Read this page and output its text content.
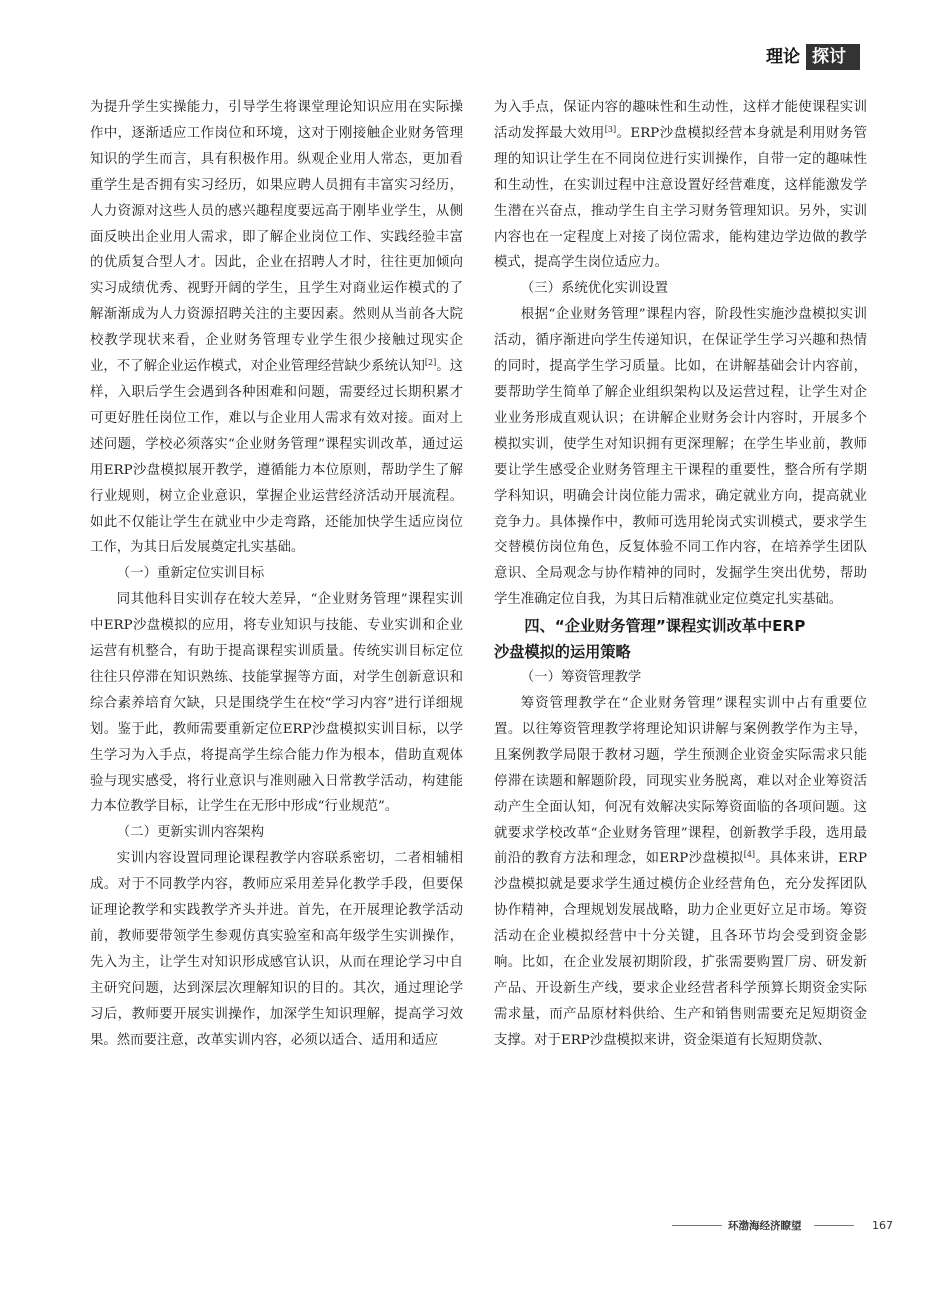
理论 探讨

为提升学生实操能力，引导学生将课堂理论知识应用在实际操作中，逐渐适应工作岗位和环境，这对于刚接触企业财务管理知识的学生而言，具有积极作用。纵观企业用人常态，更加看重学生是否拥有实习经历，如果应聘人员拥有丰富实习经历，人力资源对这些人员的感兴趣程度要远高于刚毕业学生，从侧面反映出企业用人需求，即了解企业岗位工作、实践经验丰富的优质复合型人才。因此，企业在招聘人才时，往往更加倾向实习成绩优秀、视野开阔的学生，且学生对商业运作模式的了解渐渐成为人力资源招聘关注的主要因素。然则从当前各大院校教学现状来看，企业财务管理专业学生很少接触过现实企业，不了解企业运作模式，对企业管理经营缺少系统认知[2]。这样，入职后学生会遇到各种困难和问题，需要经过长期积累才可更好胜任岗位工作，难以与企业用人需求有效对接。面对上述问题，学校必须落实“企业财务管理”课程实训改革，通过运用ERP沙盘模拟展开教学，遵循能力本位原则，帮助学生了解行业规则，树立企业意识，掌握企业运营经济活动开展流程。如此不仅能让学生在就业中少走弯路，还能加快学生适应岗位工作，为其日后发展奠定扎实基础。

（一）重新定位实训目标

同其他科目实训存在较大差异，“企业财务管理”课程实训中ERP沙盘模拟的应用，将专业知识与技能、专业实训和企业运营有机整合，有助于提高课程实训质量。传统实训目标定位往往只停滞在知识熟练、技能掌握等方面，对学生创新意识和综合素养培育欠缺，只是围绕学生在校“学习内容”进行详细规划。鉴于此，教师需要重新定位ERP沙盘模拟实训目标，以学生学习为入手点，将提高学生综合能力作为根本，借助直观体验与现实感受，将行业意识与准则融入日常教学活动，构建能力本位教学目标，让学生在无形中形成“行业规范”。

（二）更新实训内容架构

实训内容设置同理论课程教学内容联系密切，二者相辅相成。对于不同教学内容，教师应采用差异化教学手段，但要保证理论教学和实践教学齐头并进。首先，在开展理论教学活动前，教师要带领学生参观仿真实验室和高年级学生实训操作，先入为主，让学生对知识形成感官认识，从而在理论学习中自主研究问题，达到深层次理解知识的目的。其次，通过理论学习后，教师要开展实训操作，加深学生知识理解，提高学习效果。然而要注意，改革实训内容，必须以适合、适用和适应

为入手点，保证内容的趣味性和生动性，这样才能使课程实训活动发挥最大效用[3]。ERP沙盘模拟经营本身就是利用财务管理的知识让学生在不同岗位进行实训操作，自带一定的趣味性和生动性，在实训过程中注意设置好经营难度，这样能激发学生潜在兴奋点，推动学生自主学习财务管理知识。另外，实训内容也在一定程度上对接了岗位需求，能构建边学边做的教学模式，提高学生岗位适应力。

（三）系统优化实训设置

根据“企业财务管理”课程内容，阶段性实施沙盘模拟实训活动，循序渐进向学生传递知识，在保证学生学习兴趣和热情的同时，提高学生学习质量。比如，在讲解基础会计内容前，要帮助学生简单了解企业组织架构以及运营过程，让学生对企业业务形成直观认识；在讲解企业财务会计内容时，开展多个模拟实训，使学生对知识拥有更深理解；在学生毕业前，教师要让学生感受企业财务管理主干课程的重要性，整合所有学期学科知识，明确会计岗位能力需求，确定就业方向，提高就业竞争力。具体操作中，教师可选用轮岗式实训模式，要求学生交替模仿岗位角色，反复体验不同工作内容，在培养学生团队意识、全局观念与协作精神的同时，发掘学生突出优势，帮助学生准确定位自我，为其日后精准就业定位奠定扎实基础。

四、“企业财务管理”课程实训改革中ERP
沙盘模拟的运用策略

（一）筹资管理教学

筹资管理教学在“企业财务管理”课程实训中占有重要位置。以往筹资管理教学将理论知识讲解与案例教学作为主导，且案例教学局限于教材习题，学生预测企业资金实际需求只能停滞在读题和解题阶段，同现实业务脱离，难以对企业筹资活动产生全面认知，何况有效解决实际筹资面临的各项问题。这就要求学校改革“企业财务管理”课程，创新教学手段，选用最前沿的教育方法和理念，如ERP沙盘模拟[4]。具体来讲，ERP沙盘模拟就是要求学生通过模仿企业经营角色，充分发挥团队协作精神，合理规划发展战略，助力企业更好立足市场。筹资活动在企业模拟经营中十分关键，且各环节均会受到资金影响。比如，在企业发展初期阶段，扩张需要购置厂房、研发新产品、开设新生产线，要求企业经营者科学预算长期资金实际需求量，而产品原材料供给、生产和销售则需要充足短期资金支撑。对于ERP沙盘模拟来讲，资金渠道有长短期贷款、

环渤海经济瞭望	167
